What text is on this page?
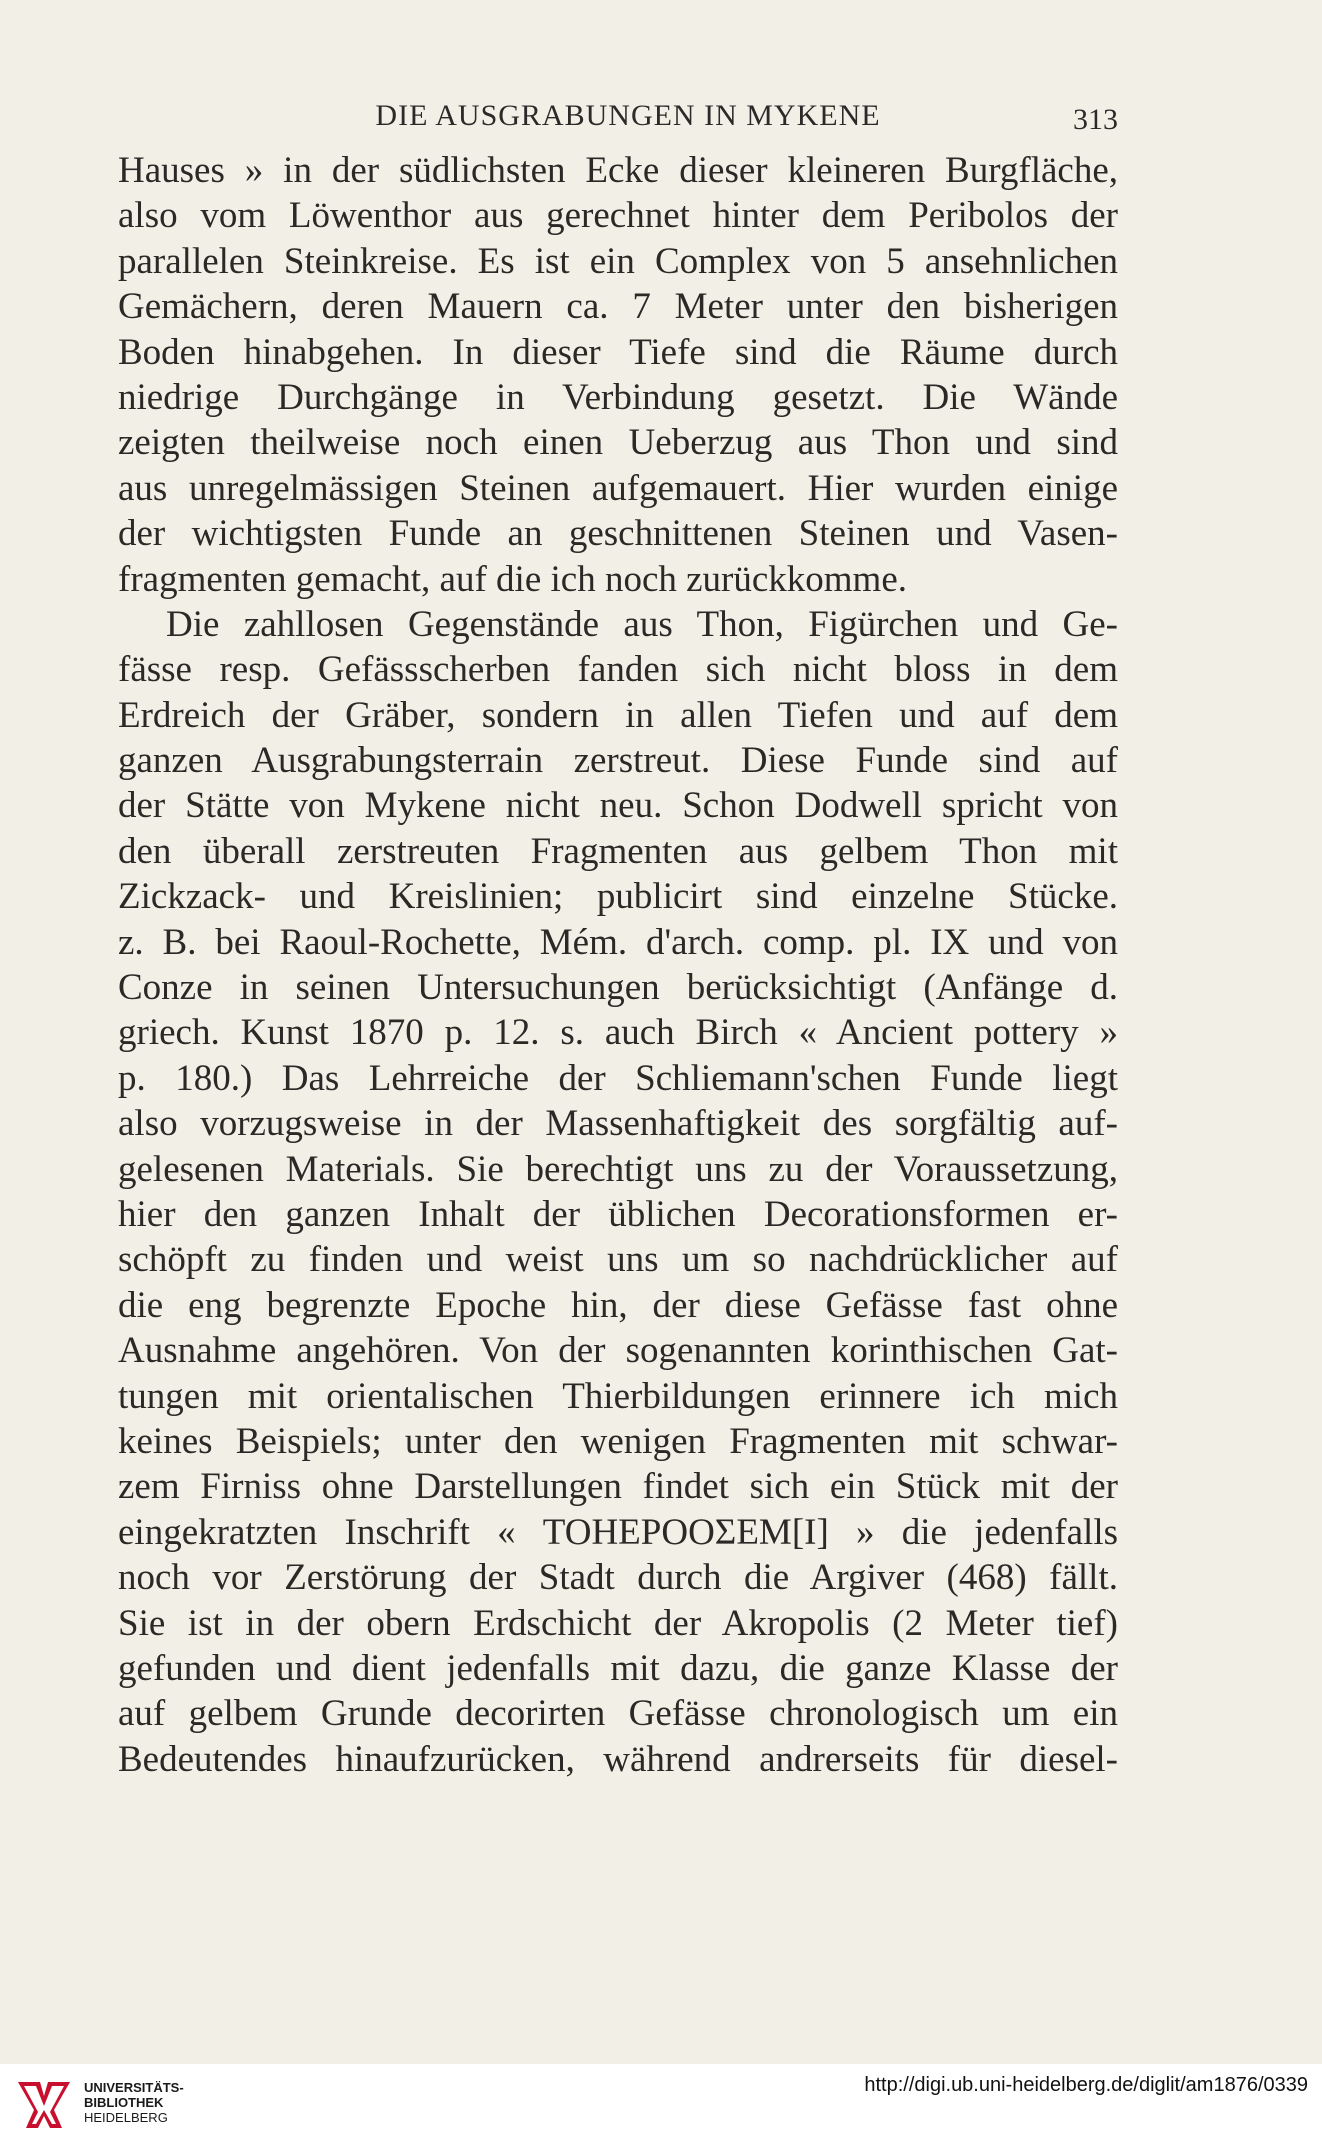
DIE AUSGRABUNGEN IN MYKENE	313
Hauses » in der südlichsten Ecke dieser kleineren Burgfläche,
also vom Löwenthor aus gerechnet hinter dem Peribolos der
parallelen Steinkreise. Es ist ein Complex von 5 ansehnlichen
Gemächern, deren Mauern ca. 7 Meter unter den bisherigen
Boden hinabgehen. In dieser Tiefe sind die Räume durch
niedrige Durchgänge in Verbindung gesetzt. Die Wände
zeigten theilweise noch einen Ueberzug aus Thon und sind
aus unregelmässigen Steinen aufgemauert. Hier wurden einige
der wichtigsten Funde an geschnittenen Steinen und Vasen-
fragmenten gemacht, auf die ich noch zurückkomme.
Die zahllosen Gegenstände aus Thon, Figürchen und Ge-
fässe resp. Gefässscherben fanden sich nicht bloss in dem
Erdreich der Gräber, sondern in allen Tiefen und auf dem
ganzen Ausgrabungsterrain zerstreut. Diese Funde sind auf
der Stätte von Mykene nicht neu. Schon Dodwell spricht von
den überall zerstreuten Fragmenten aus gelbem Thon mit
Zickzack- und Kreislinien; publicirt sind einzelne Stücke.
z. B. bei Raoul-Rochette, Mém. d'arch. comp. pl. IX und von
Conze in seinen Untersuchungen berücksichtigt (Anfänge d.
griech. Kunst 1870 p. 12. s. auch Birch « Ancient pottery »
p. 180.) Das Lehrreiche der Schliemann'schen Funde liegt
also vorzugsweise in der Massenhaftigkeit des sorgfältig auf-
gelesenen Materials. Sie berechtigt uns zu der Voraussetzung,
hier den ganzen Inhalt der üblichen Decorationsformen er-
schöpft zu finden und weist uns um so nachdrücklicher auf
die eng begrenzte Epoche hin, der diese Gefässe fast ohne
Ausnahme angehören. Von der sogenannten korinthischen Gat-
tungen mit orientalischen Thierbildungen erinnere ich mich
keines Beispiels; unter den wenigen Fragmenten mit schwar-
zem Firniss ohne Darstellungen findet sich ein Stück mit der
eingekratzten Inschrift « ΤΟΗΕΡΟΟΣΕΜ[Ι] » die jedenfalls
noch vor Zerstörung der Stadt durch die Argiver (468) fällt.
Sie ist in der obern Erdschicht der Akropolis (2 Meter tief)
gefunden und dient jedenfalls mit dazu, die ganze Klasse der
auf gelbem Grunde decorirten Gefässe chronologisch um ein
Bedeutendes hinaufzurücken, während andrerseits für diesel-
UNIVERSITÄTS-
BIBLIOTHEK
HEIDELBERG
http://digi.ub.uni-heidelberg.de/diglit/am1876/0339
